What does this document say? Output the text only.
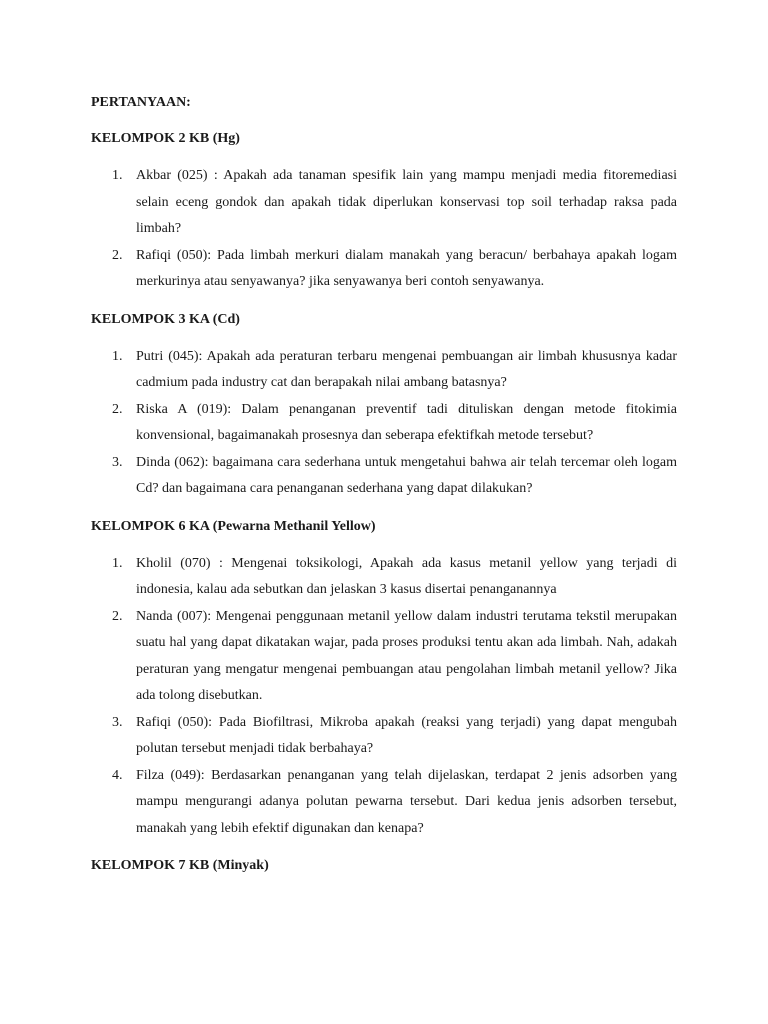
PERTANYAAN:

KELOMPOK 2 KB (Hg)

1. Akbar (025) : Apakah ada tanaman spesifik lain yang mampu menjadi media fitoremediasi selain eceng gondok dan apakah tidak diperlukan konservasi top soil terhadap raksa pada limbah?
2. Rafiqi (050): Pada limbah merkuri dialam manakah yang beracun/ berbahaya apakah logam merkurinya atau senyawanya? jika senyawanya beri contoh senyawanya.

KELOMPOK 3 KA (Cd)

1. Putri (045): Apakah ada peraturan terbaru mengenai pembuangan air limbah khususnya kadar cadmium pada industry cat dan berapakah nilai ambang batasnya?
2. Riska A (019): Dalam penanganan preventif tadi dituliskan dengan metode fitokimia konvensional, bagaimanakah prosesnya dan seberapa efektifkah metode tersebut?
3. Dinda (062): bagaimana cara sederhana untuk mengetahui bahwa air telah tercemar oleh logam Cd? dan bagaimana cara penanganan sederhana yang dapat dilakukan?

KELOMPOK 6 KA (Pewarna Methanil Yellow)

1. Kholil (070) : Mengenai toksikologi, Apakah ada kasus metanil yellow yang terjadi di indonesia, kalau ada sebutkan dan jelaskan 3 kasus disertai penanganannya
2. Nanda (007): Mengenai penggunaan metanil yellow dalam industri terutama tekstil merupakan suatu hal yang dapat dikatakan wajar, pada proses produksi tentu akan ada limbah. Nah, adakah peraturan yang mengatur mengenai pembuangan atau pengolahan limbah metanil yellow? Jika ada tolong disebutkan.
3. Rafiqi (050): Pada Biofiltrasi, Mikroba apakah (reaksi yang terjadi) yang dapat mengubah polutan tersebut menjadi tidak berbahaya?
4. Filza (049): Berdasarkan penanganan yang telah dijelaskan, terdapat 2 jenis adsorben yang mampu mengurangi adanya polutan pewarna tersebut. Dari kedua jenis adsorben tersebut, manakah yang lebih efektif digunakan dan kenapa?

KELOMPOK 7 KB (Minyak)
